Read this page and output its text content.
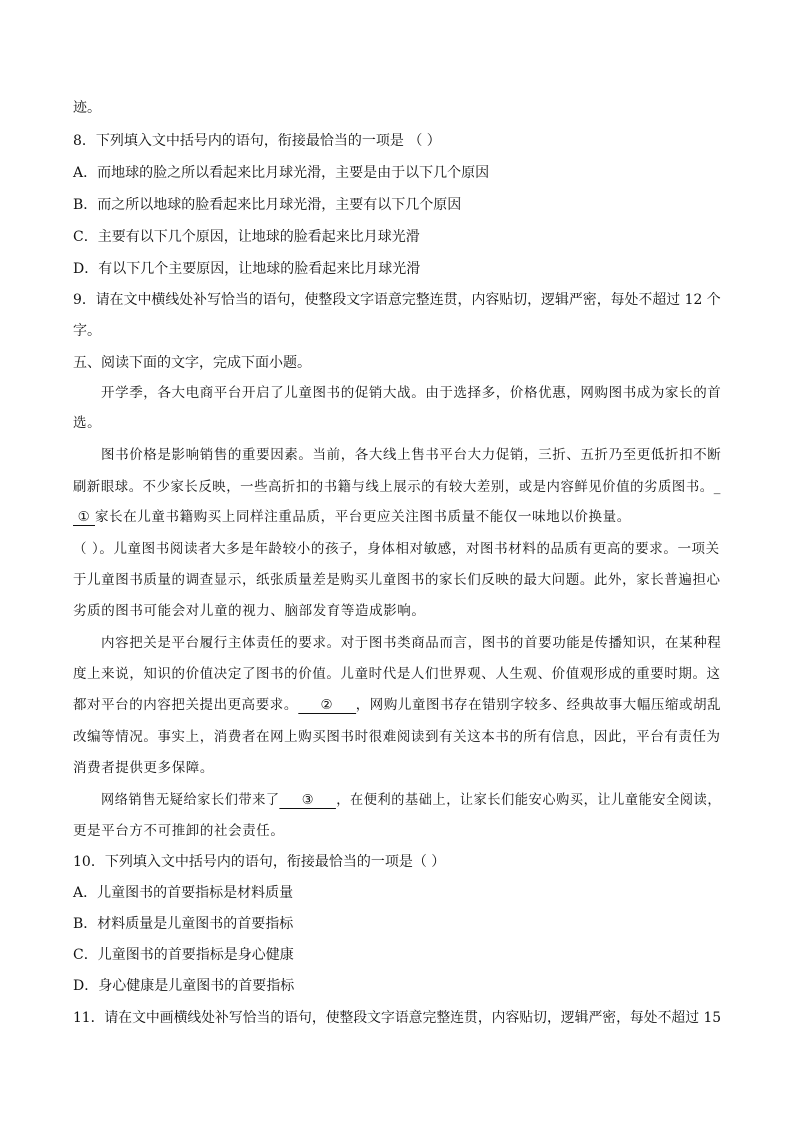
迹。
8．下列填入文中括号内的语句，衔接最恰当的一项是 （ ）
A．而地球的脸之所以看起来比月球光滑，主要是由于以下几个原因
B．而之所以地球的脸看起来比月球光滑，主要有以下几个原因
C．主要有以下几个原因，让地球的脸看起来比月球光滑
D．有以下几个主要原因，让地球的脸看起来比月球光滑
9．请在文中横线处补写恰当的语句，使整段文字语意完整连贯，内容贴切，逻辑严密，每处不超过 12 个
字。
五、阅读下面的文字，完成下面小题。
开学季，各大电商平台开启了儿童图书的促销大战。由于选择多，价格优惠，网购图书成为家长的首
选。
图书价格是影响销售的重要因素。当前，各大线上售书平台大力促销，三折、五折乃至更低折扣不断
刷新眼球。不少家长反映，一些高折扣的书籍与线上展示的有较大差别，或是内容鲜见价值的劣质图书。_
① 家长在儿童书籍购买上同样注重品质，平台更应关注图书质量不能仅一味地以价换量。
（ ）。儿童图书阅读者大多是年龄较小的孩子，身体相对敏感，对图书材料的品质有更高的要求。一项关
于儿童图书质量的调查显示，纸张质量差是购买儿童图书的家长们反映的最大问题。此外，家长普遍担心
劣质的图书可能会对儿童的视力、脑部发育等造成影响。
内容把关是平台履行主体责任的要求。对于图书类商品而言，图书的首要功能是传播知识，在某种程
度上来说，知识的价值决定了图书的价值。儿童时代是人们世界观、人生观、价值观形成的重要时期。这
都对平台的内容把关提出更高要求。 ② ，网购儿童图书存在错别字较多、经典故事大幅压缩或胡乱
改编等情况。事实上，消费者在网上购买图书时很难阅读到有关这本书的所有信息，因此，平台有责任为
消费者提供更多保障。
网络销售无疑给家长们带来了 ③ ，在便利的基础上，让家长们能安心购买，让儿童能安全阅读，
更是平台方不可推卸的社会责任。
10．下列填入文中括号内的语句，衔接最恰当的一项是（ ）
A．儿童图书的首要指标是材料质量
B．材料质量是儿童图书的首要指标
C．儿童图书的首要指标是身心健康
D．身心健康是儿童图书的首要指标
11．请在文中画横线处补写恰当的语句，使整段文字语意完整连贯，内容贴切，逻辑严密，每处不超过 15
